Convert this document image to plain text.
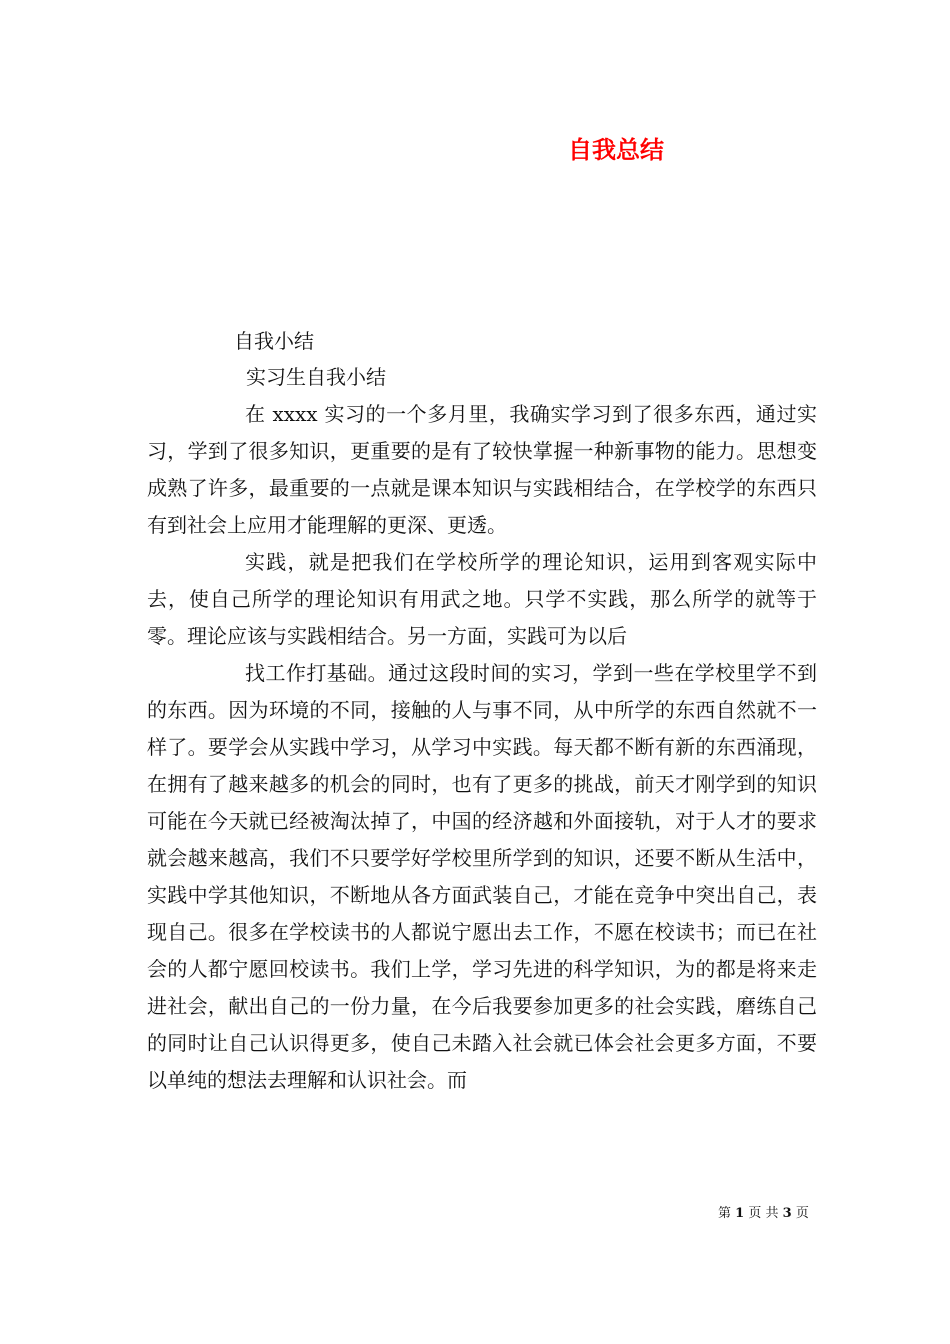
自我总结
自我小结
实习生自我小结

在 xxxx 实习的一个多月里，我确实学习到了很多东西，通过实习，学到了很多知识，更重要的是有了较快掌握一种新事物的能力。思想变成熟了许多，最重要的一点就是课本知识与实践相结合，在学校学的东西只有到社会上应用才能理解的更深、更透。

实践，就是把我们在学校所学的理论知识，运用到客观实际中去，使自己所学的理论知识有用武之地。只学不实践，那么所学的就等于零。理论应该与实践相结合。另一方面，实践可为以后

找工作打基础。通过这段时间的实习，学到一些在学校里学不到的东西。因为环境的不同，接触的人与事不同，从中所学的东西自然就不一样了。要学会从实践中学习，从学习中实践。每天都不断有新的东西涌现，在拥有了越来越多的机会的同时，也有了更多的挑战，前天才刚学到的知识可能在今天就已经被淘汰掉了，中国的经济越和外面接轨，对于人才的要求就会越来越高，我们不只要学好学校里所学到的知识，还要不断从生活中，实践中学其他知识，不断地从各方面武装自己，才能在竞争中突出自己，表现自己。很多在学校读书的人都说宁愿出去工作，不愿在校读书；而已在社会的人都宁愿回校读书。我们上学，学习先进的科学知识，为的都是将来走进社会，献出自己的一份力量，在今后我要参加更多的社会实践，磨练自己的同时让自己认识得更多，使自己未踏入社会就已体会社会更多方面，不要以单纯的想法去理解和认识社会。而

第 1 页 共 3 页
